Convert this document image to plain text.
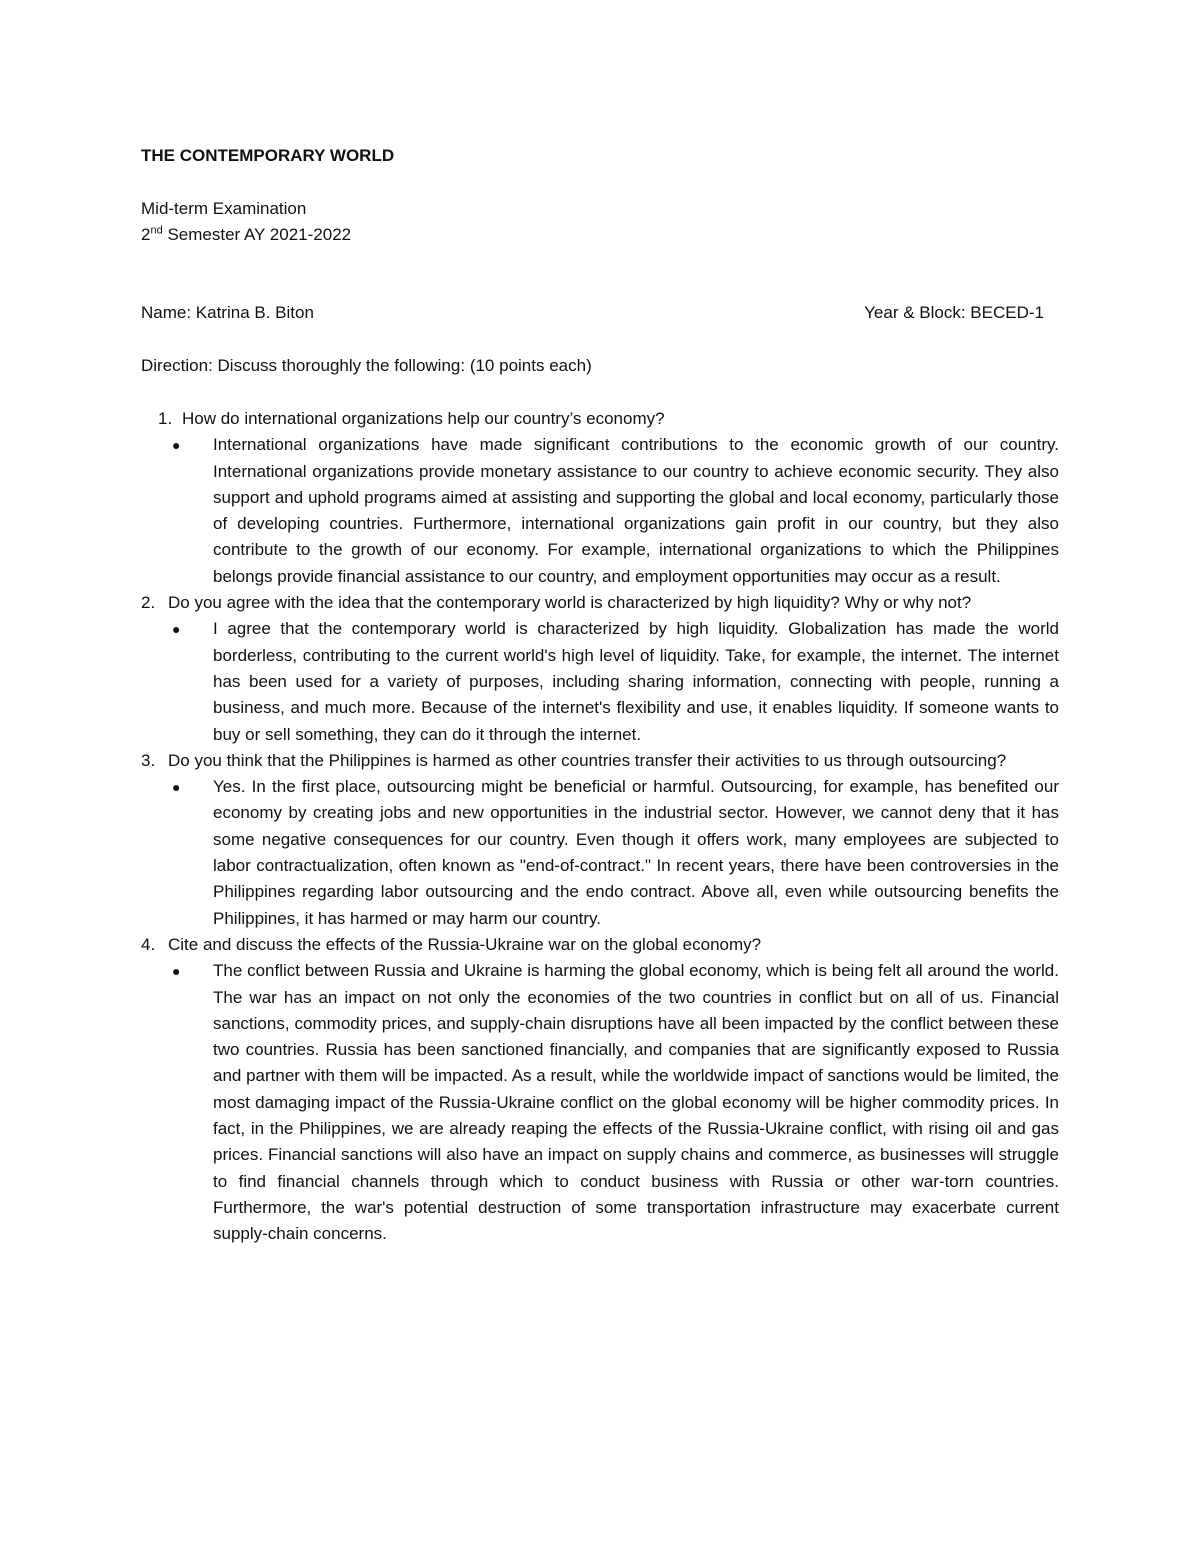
THE CONTEMPORARY WORLD
Mid-term Examination
2nd Semester AY 2021-2022
Name: Katrina B. Biton	Year & Block: BECED-1
Direction: Discuss thoroughly the following: (10 points each)
1. How do international organizations help our country’s economy?
● International organizations have made significant contributions to the economic growth of our country. International organizations provide monetary assistance to our country to achieve economic security. They also support and uphold programs aimed at assisting and supporting the global and local economy, particularly those of developing countries. Furthermore, international organizations gain profit in our country, but they also contribute to the growth of our economy. For example, international organizations to which the Philippines belongs provide financial assistance to our country, and employment opportunities may occur as a result.
2. Do you agree with the idea that the contemporary world is characterized by high liquidity? Why or why not?
● I agree that the contemporary world is characterized by high liquidity. Globalization has made the world borderless, contributing to the current world's high level of liquidity. Take, for example, the internet. The internet has been used for a variety of purposes, including sharing information, connecting with people, running a business, and much more. Because of the internet's flexibility and use, it enables liquidity. If someone wants to buy or sell something, they can do it through the internet.
3. Do you think that the Philippines is harmed as other countries transfer their activities to us through outsourcing?
● Yes. In the first place, outsourcing might be beneficial or harmful. Outsourcing, for example, has benefited our economy by creating jobs and new opportunities in the industrial sector. However, we cannot deny that it has some negative consequences for our country. Even though it offers work, many employees are subjected to labor contractualization, often known as "end-of-contract." In recent years, there have been controversies in the Philippines regarding labor outsourcing and the endo contract. Above all, even while outsourcing benefits the Philippines, it has harmed or may harm our country.
4. Cite and discuss the effects of the Russia-Ukraine war on the global economy?
● The conflict between Russia and Ukraine is harming the global economy, which is being felt all around the world. The war has an impact on not only the economies of the two countries in conflict but on all of us. Financial sanctions, commodity prices, and supply-chain disruptions have all been impacted by the conflict between these two countries. Russia has been sanctioned financially, and companies that are significantly exposed to Russia and partner with them will be impacted. As a result, while the worldwide impact of sanctions would be limited, the most damaging impact of the Russia-Ukraine conflict on the global economy will be higher commodity prices. In fact, in the Philippines, we are already reaping the effects of the Russia-Ukraine conflict, with rising oil and gas prices. Financial sanctions will also have an impact on supply chains and commerce, as businesses will struggle to find financial channels through which to conduct business with Russia or other war-torn countries. Furthermore, the war's potential destruction of some transportation infrastructure may exacerbate current supply-chain concerns.
